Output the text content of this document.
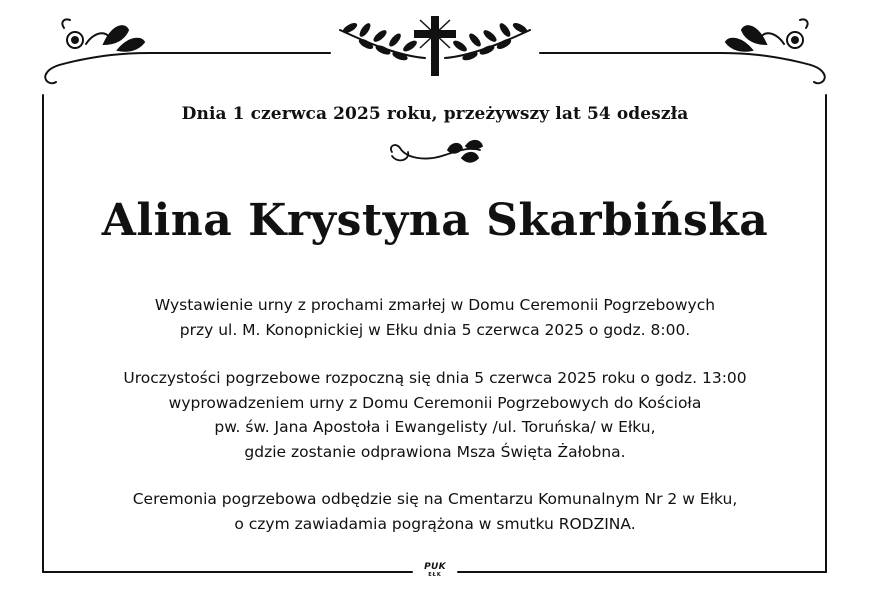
Dnia 1 czerwca 2025 roku, przeżywszy lat 54 odeszła
Alina Krystyna Skarbińska
Wystawienie urny z prochami zmarłej w Domu Ceremonii Pogrzebowych
przy ul. M. Konopnickiej w Ełku dnia 5 czerwca 2025 o godz. 8:00.
Uroczystości pogrzebowe rozpoczną się dnia 5 czerwca 2025 roku o godz. 13:00
wyprowadzeniem urny z Domu Ceremonii Pogrzebowych do Kościoła
pw. św. Jana Apostoła i Ewangelisty /ul. Toruńska/ w Ełku,
gdzie zostanie odprawiona Msza Święta Żałobna.
Ceremonia pogrzebowa odbędzie się na Cmentarzu Komunalnym Nr 2 w Ełku,
o czym zawiadamia pogrążona w smutku RODZINA.
PUK
EŁK
